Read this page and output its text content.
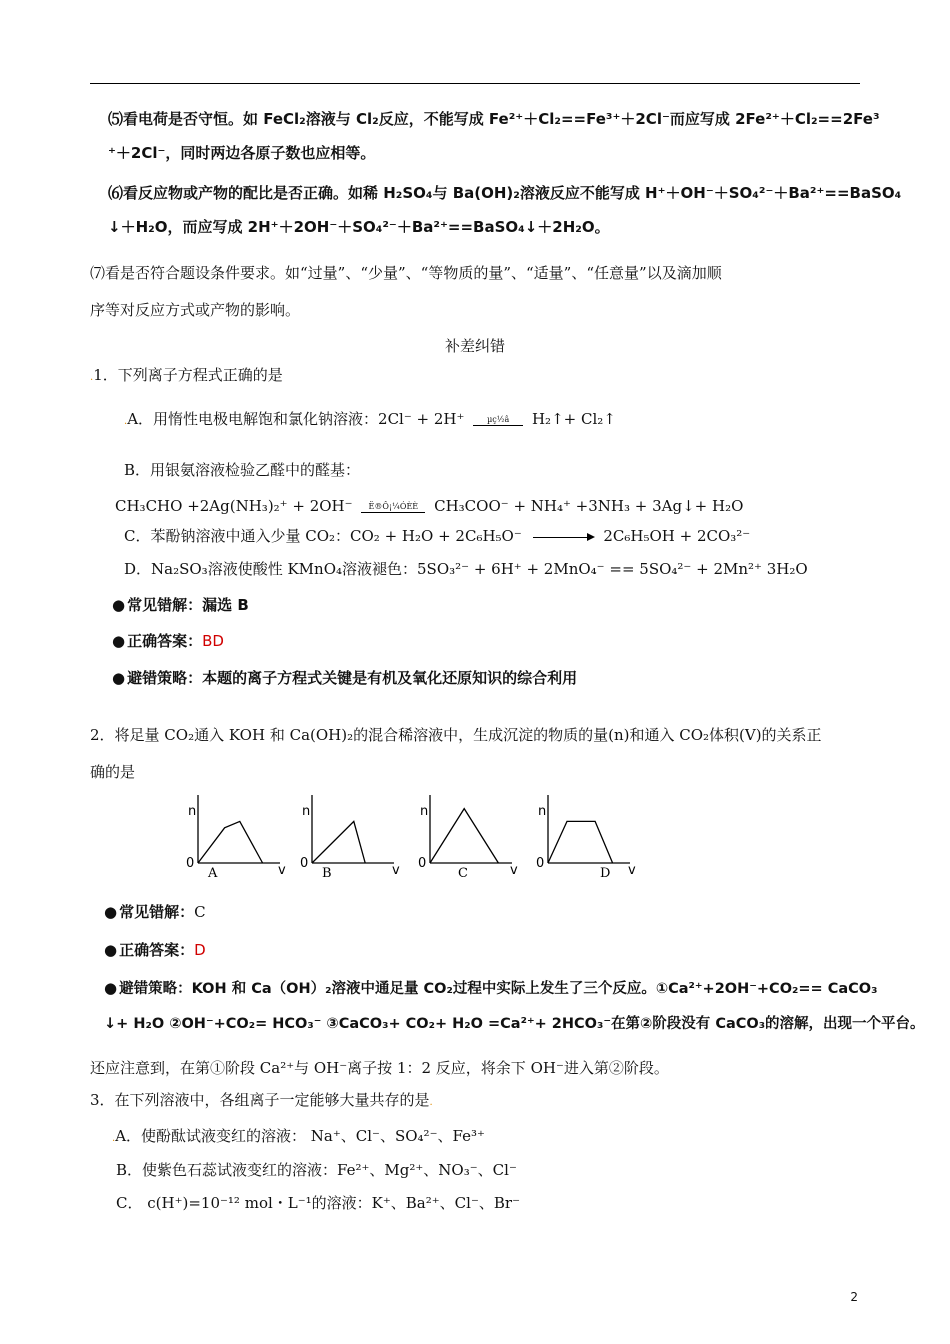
⑸看电荷是否守恒。如 FeCl₂溶液与 Cl₂反应，不能写成 Fe²⁺＋Cl₂==Fe³⁺＋2Cl⁻而应写成 2Fe²⁺＋Cl₂==2Fe³
⁺＋2Cl⁻，同时两边各原子数也应相等。
⑹看反应物或产物的配比是否正确。如稀 H₂SO₄与 Ba(OH)₂溶液反应不能写成 H⁺＋OH⁻＋SO₄²⁻＋Ba²⁺==BaSO₄
↓＋H₂O，而应写成 2H⁺＋2OH⁻＋SO₄²⁻＋Ba²⁺==BaSO₄↓＋2H₂O。
⑺看是否符合题设条件要求。如“过量”、“少量”、“等物质的量”、“适量”、“任意量”以及滴加顺
序等对反应方式或产物的影响。
补差纠错
.1．下列离子方程式正确的是
.A．用惰性电极电解饱和氯化钠溶液：2Cl⁻ + 2H⁺	µç½â	H₂↑+ Cl₂↑
B．用银氨溶液检验乙醛中的醛基：
CH₃CHO +2Ag(NH₃)₂⁺ + 2OH⁻	Ë®Ô¡¼ÓÈÈ	CH₃COO⁻ + NH₄⁺ +3NH₃ + 3Ag↓+ H₂O
C．苯酚钠溶液中通入少量 CO₂：CO₂ + H₂O + 2C₆H₅O⁻ → 2C₆H₅OH + 2CO₃²⁻
D．Na₂SO₃溶液使酸性 KMnO₄溶液褪色：5SO₃²⁻ + 6H⁺ + 2MnO₄⁻ == 5SO₄²⁻ + 2Mn²⁺ 3H₂O
● 常见错解：漏选 B
● 正确答案：BD
● 避错策略：本题的离子方程式关键是有机及氧化还原知识的综合利用
2．将足量 CO₂通入 KOH 和 Ca(OH)₂的混合稀溶液中，生成沉淀的物质的量(n)和通入 CO₂体积(V)的关系正
确的是
n
0	v
A
n
0	v
B
n
0	v
C
n
0	v
D
● 常见错解：C
● 正确答案：D
● 避错策略：KOH 和 Ca（OH）₂溶液中通足量 CO₂过程中实际上发生了三个反应。①Ca²⁺+2OH⁻+CO₂== CaCO₃
↓+ H₂O ②OH⁻+CO₂= HCO₃⁻ ③CaCO₃+ CO₂+ H₂O =Ca²⁺+ 2HCO₃⁻在第②阶段没有 CaCO₃的溶解，出现一个平台。
还应注意到，在第①阶段 Ca²⁺与 OH⁻离子按 1：2 反应，将余下 OH⁻进入第②阶段。
3．在下列溶液中，各组离子一定能够大量共存的是.
.A．使酚酞试液变红的溶液： Na⁺、Cl⁻、SO₄²⁻、Fe³⁺
B．使紫色石蕊试液变红的溶液：Fe²⁺、Mg²⁺、NO₃⁻、Cl⁻
C． c(H⁺)=10⁻¹² mol・L⁻¹的溶液：K⁺、Ba²⁺、Cl⁻、Br⁻
2
